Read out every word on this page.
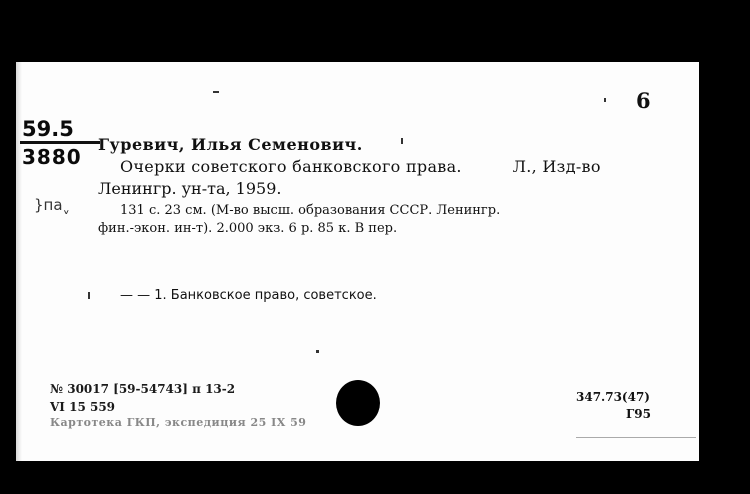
6
59.5
3880
}паˬ
Гуревич, Илья Семенович.
Очерки советского банковского права.	Л., Изд-во
Ленингр. ун-та, 1959.
131 с. 23 см. (М-во высш. образования СССР. Ленингр.
фин.-экон. ин-т). 2.000 экз. 6 р. 85 к. В пер.
— — 1. Банковское право, советское.
№ 30017 [59-54743] п 13-2
VI 15 559
Картотека ГКП, экспедиция 25 IX 59
347.73(47)
Г95
